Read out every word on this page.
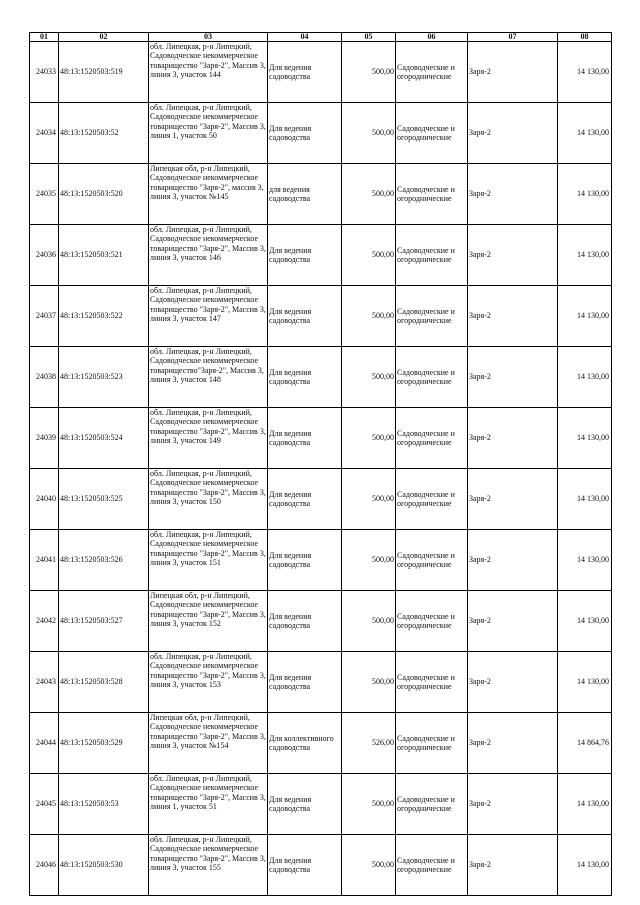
01	02	03	04	05	06	07	08
24033	48:13:1520503:519	обл. Липецкая, р-н Липецкий, Садоводческое некоммерческое товарищество "Заря-2", Массив 3, линия 3, участок 144	Для ведения садоводства	500,00	Садоводческие и огороднические	Заря-2	14 130,00
24034	48:13:1520503:52	обл. Липецкая, р-н Липецкий, Садоводческое некоммерческое товарищество "Заря-2", Массив 3, линия 1, участок 50	Для ведения садоводства	500,00	Садоводческие и огороднические	Заря-2	14 130,00
24035	48:13:1520503:520	Липецкая обл, р-н Липецкий, Садоводческое некоммерческое товарищество "Заря-2", массив 3, линия 3, участок №145	для ведения садоводства	500,00	Садоводческие и огороднические	Заря-2	14 130,00
24036	48:13:1520503:521	обл. Липецкая, р-н Липецкий, Садоводческое некоммерческое товарищество "Заря-2", Массив 3, линия 3, участок 146	Для ведения садоводства	500,00	Садоводческие и огороднические	Заря-2	14 130,00
24037	48:13:1520503:522	обл. Липецкая, р-н Липецкий, Садоводческое некоммерческое товарищество "Заря-2", Массив 3, линия 3, участок 147	Для ведения садоводства	500,00	Садоводческие и огороднические	Заря-2	14 130,00
24038	48:13:1520503:523	обл. Липецкая, р-н Липецкий, Садоводческое некоммерческое товарищество"Заря-2", Массив 3, линия 3, участок 148	Для ведения садоводства	500,00	Садоводческие и огороднические	Заря-2	14 130,00
24039	48:13:1520503:524	обл. Липецкая, р-н Липецкий, Садоводческое некоммерческое товарищество "Заря-2", Массив 3, линия 3, участок 149	Для ведения садоводства	500,00	Садоводческие и огороднические	Заря-2	14 130,00
24040	48:13:1520503:525	обл. Липецкая, р-н Липецкий, Садоводческое некоммерческое товарищество "Заря-2", Массив 3, линия 3, участок 150	Для ведения садоводства	500,00	Садоводческие и огороднические	Заря-2	14 130,00
24041	48:13:1520503:526	обл. Липецкая, р-н Липецкий, Садоводческое некоммерческое товарищество "Заря-2", Массив 3, линия 3, участок 151	Для ведения садоводства	500,00	Садоводческие и огороднические	Заря-2	14 130,00
24042	48:13:1520503:527	Липецкая обл, р-н Липецкий, Садоводческое некоммерческое товарищество "Заря-2", Массив 3, линия 3, участок 152	Для ведения садоводства	500,00	Садоводческие и огороднические	Заря-2	14 130,00
24043	48:13:1520503:528	обл. Липецкая, р-н Липецкий, Садоводческое некоммерческое товарищество "Заря-2", Массив 3, линия 3, участок 153	Для ведения садоводства	500,00	Садоводческие и огороднические	Заря-2	14 130,00
24044	48:13:1520503:529	Липецкая обл, р-н Липецкий, Садоводческое некоммерческое товарищество "Заря-2", Массив 3, линия 3, участок №154	Для коллективного садоводства	526,00	Садоводческие и огороднические	Заря-2	14 864,76
24045	48:13:1520503:53	обл. Липецкая, р-н Липецкий, Садоводческое некоммерческое товарищество "Заря-2", Массив 3, линия 1, участок 51	Для ведения садоводства	500,00	Садоводческие и огороднические	Заря-2	14 130,00
24046	48:13:1520503:530	обл. Липецкая, р-н Липецкий, Садоводческое некоммерческое товарищество "Заря-2", Массив 3, линия 3, участок 155	Для ведения садоводства	500,00	Садоводческие и огороднические	Заря-2	14 130,00
